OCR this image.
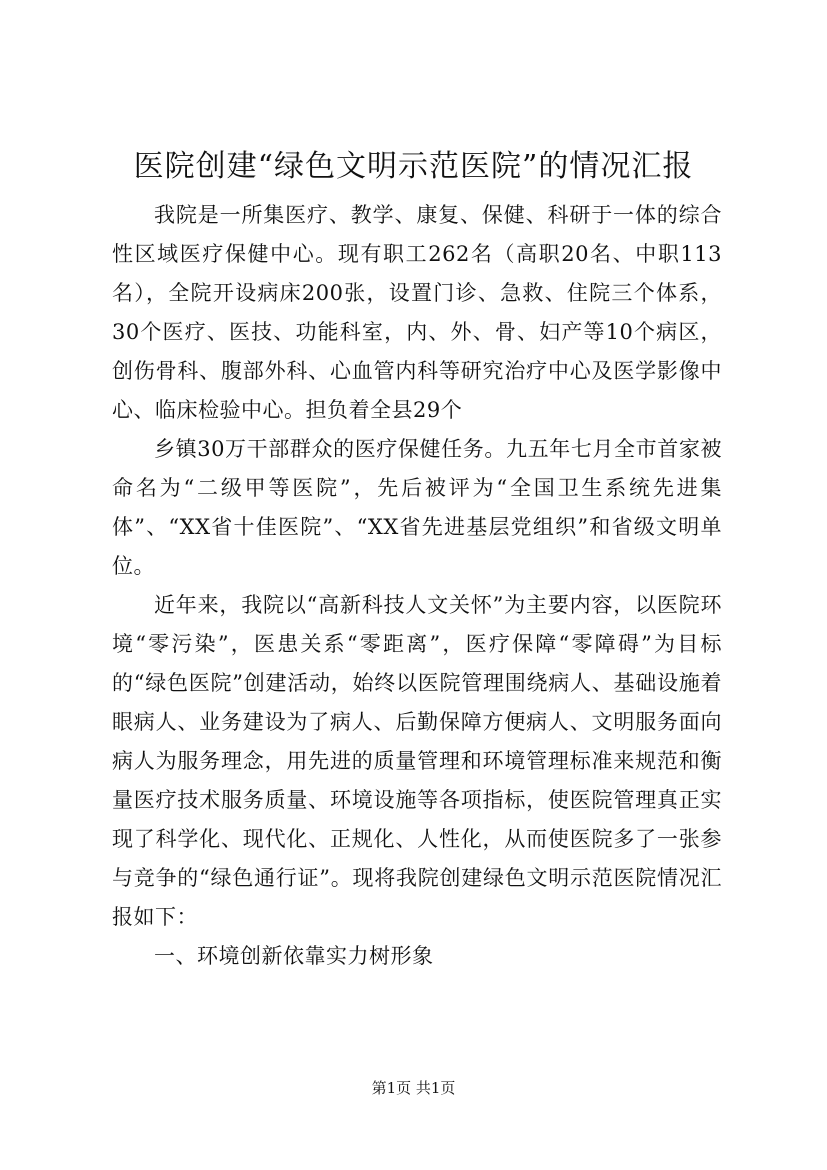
医院创建“绿色文明示范医院”的情况汇报

我院是一所集医疗、教学、康复、保健、科研于一体的综合性区域医疗保健中心。现有职工262名（高职20名、中职113名），全院开设病床200张，设置门诊、急救、住院三个体系，30个医疗、医技、功能科室，内、外、骨、妇产等10个病区，创伤骨科、腹部外科、心血管内科等研究治疗中心及医学影像中心、临床检验中心。担负着全县29个

乡镇30万干部群众的医疗保健任务。九五年七月全市首家被命名为“二级甲等医院”，先后被评为“全国卫生系统先进集体”、“XX省十佳医院”、“XX省先进基层党组织”和省级文明单位。

近年来，我院以“高新科技人文关怀”为主要内容，以医院环境“零污染”，医患关系“零距离”，医疗保障“零障碍”为目标的“绿色医院”创建活动，始终以医院管理围绕病人、基础设施着眼病人、业务建设为了病人、后勤保障方便病人、文明服务面向病人为服务理念，用先进的质量管理和环境管理标准来规范和衡量医疗技术服务质量、环境设施等各项指标，使医院管理真正实现了科学化、现代化、正规化、人性化，从而使医院多了一张参与竞争的“绿色通行证”。现将我院创建绿色文明示范医院情况汇报如下：

一、环境创新依靠实力树形象

第1页 共1页
